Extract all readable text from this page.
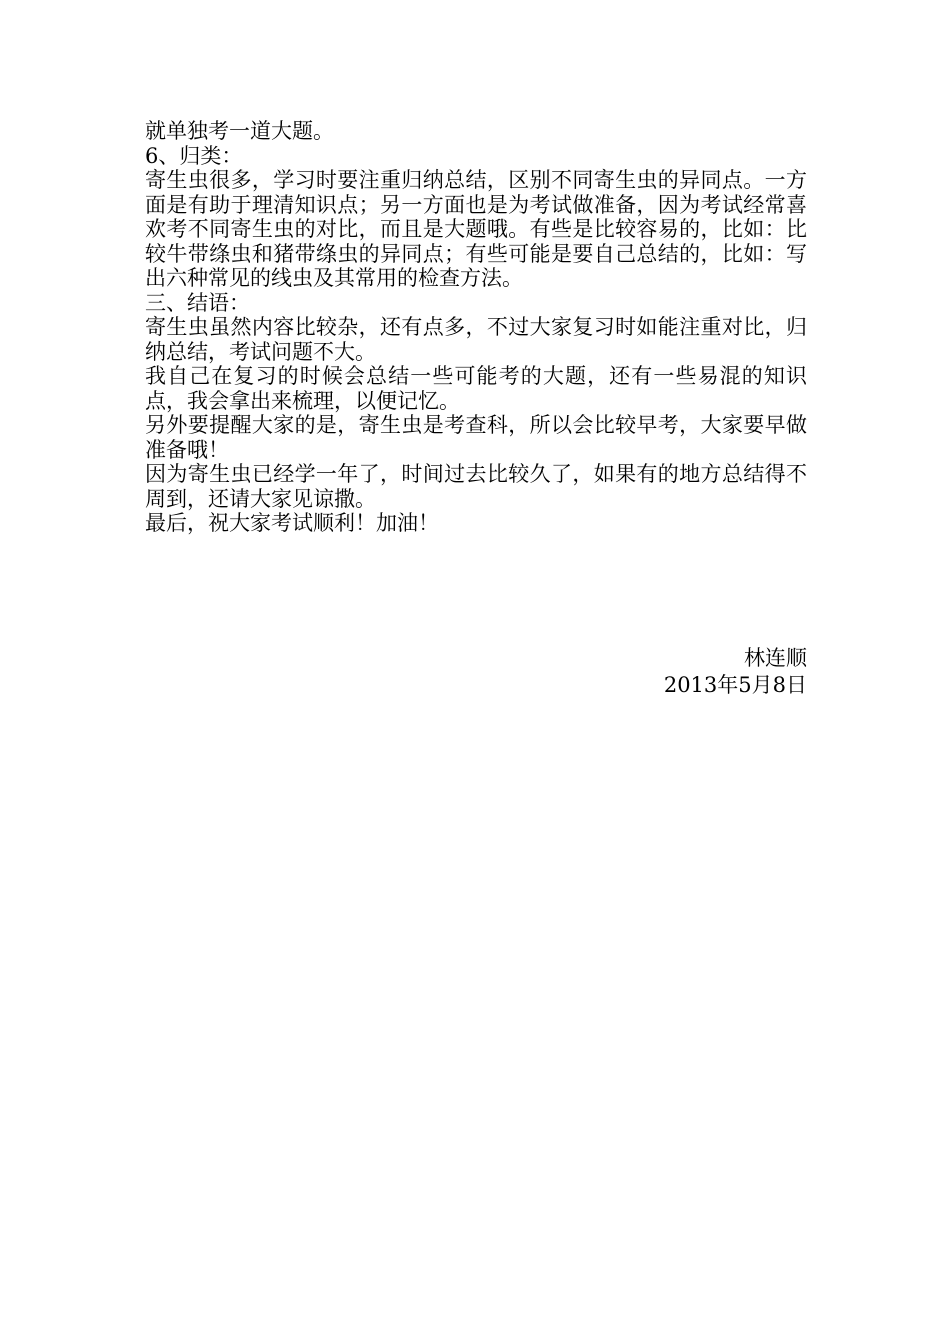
就单独考一道大题。

6、归类：

寄生虫很多，学习时要注重归纳总结，区别不同寄生虫的异同点。一方面是有助于理清知识点；另一方面也是为考试做准备，因为考试经常喜欢考不同寄生虫的对比，而且是大题哦。有些是比较容易的，比如：比较牛带绦虫和猪带绦虫的异同点；有些可能是要自己总结的，比如：写出六种常见的线虫及其常用的检查方法。

三、结语：

寄生虫虽然内容比较杂，还有点多，不过大家复习时如能注重对比，归纳总结，考试问题不大。

我自己在复习的时候会总结一些可能考的大题，还有一些易混的知识点，我会拿出来梳理，以便记忆。

另外要提醒大家的是，寄生虫是考查科，所以会比较早考，大家要早做准备哦！

因为寄生虫已经学一年了，时间过去比较久了，如果有的地方总结得不周到，还请大家见谅撒。

最后，祝大家考试顺利！加油！

林连顺

2013年5月8日
